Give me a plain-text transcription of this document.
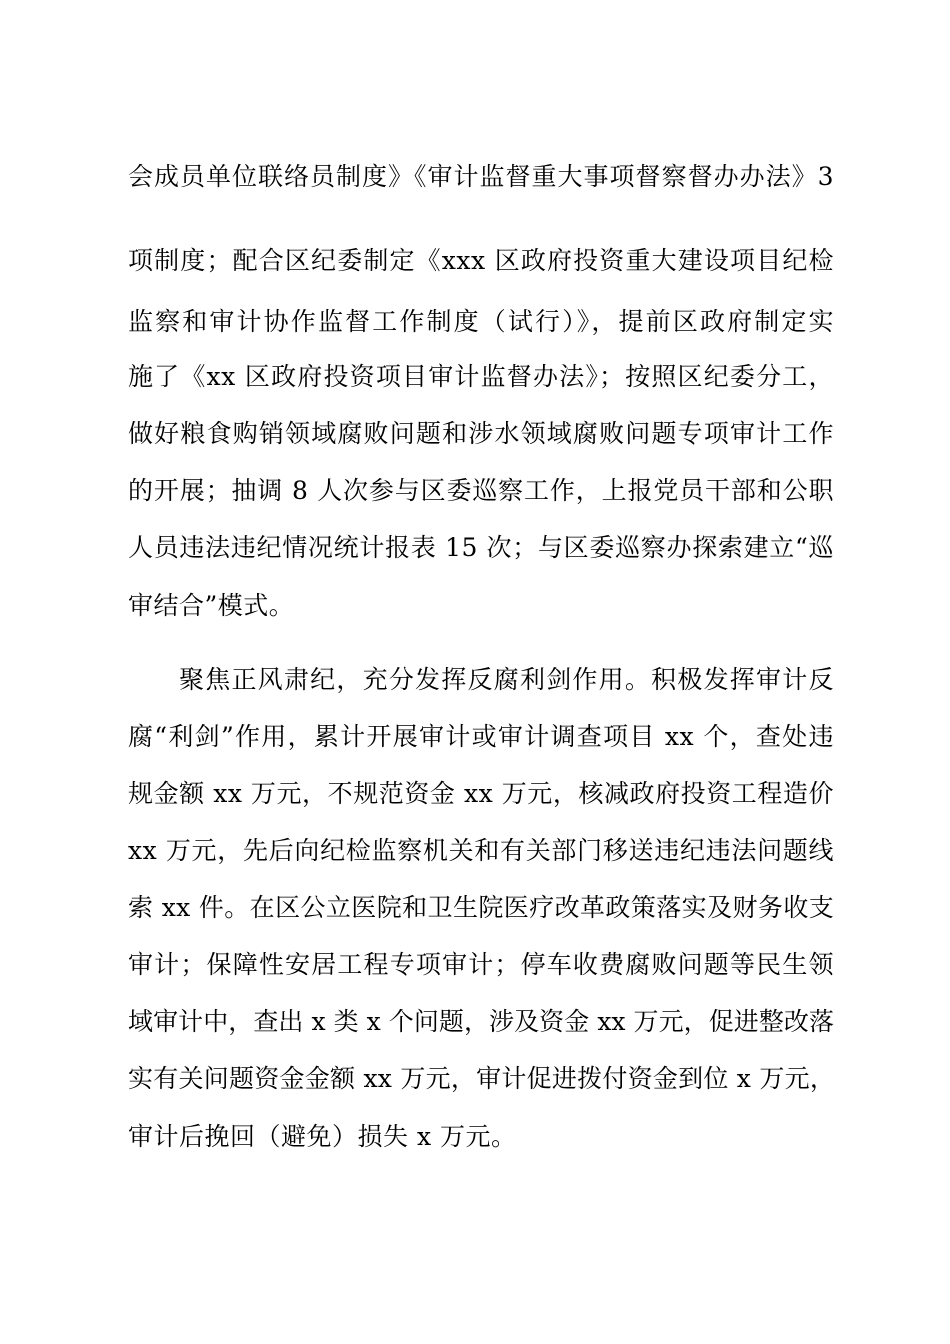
会成员单位联络员制度》《审计监督重大事项督察督办办法》3
项制度；配合区纪委制定《xxx 区政府投资重大建设项目纪检
监察和审计协作监督工作制度（试行）》，提前区政府制定实
施了《xx 区政府投资项目审计监督办法》；按照区纪委分工，
做好粮食购销领域腐败问题和涉水领域腐败问题专项审计工作
的开展；抽调 8 人次参与区委巡察工作，上报党员干部和公职
人员违法违纪情况统计报表 15 次；与区委巡察办探索建立“巡
审结合”模式。
聚焦正风肃纪，充分发挥反腐利剑作用。积极发挥审计反
腐“利剑”作用，累计开展审计或审计调查项目 xx 个，查处违
规金额 xx 万元，不规范资金 xx 万元，核减政府投资工程造价
xx 万元，先后向纪检监察机关和有关部门移送违纪违法问题线
索 xx 件。在区公立医院和卫生院医疗改革政策落实及财务收支
审计；保障性安居工程专项审计；停车收费腐败问题等民生领
域审计中，查出 x 类 x 个问题，涉及资金 xx 万元，促进整改落
实有关问题资金金额 xx 万元，审计促进拨付资金到位 x 万元，
审计后挽回（避免）损失 x 万元。
